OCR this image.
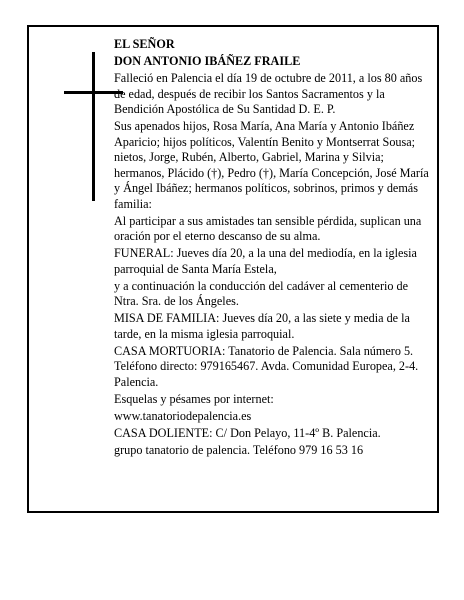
EL SEÑOR

DON ANTONIO IBÁÑEZ FRAILE

Falleció en Palencia el día 19 de octubre de 2011, a los 80 años de edad, después de recibir los Santos Sacramentos y la Bendición Apostólica de Su Santidad D. E. P.

Sus apenados hijos, Rosa María, Ana María y Antonio Ibáñez Aparicio; hijos políticos, Valentín Benito y Montserrat Sousa; nietos, Jorge, Rubén, Alberto, Gabriel, Marina y Silvia; hermanos, Plácido (†), Pedro (†), María Concepción, José María y Ángel Ibáñez; hermanos políticos, sobrinos, primos y demás familia:

Al participar a sus amistades tan sensible pérdida, suplican una oración por el eterno descanso de su alma.

FUNERAL: Jueves día 20, a la una del mediodía, en la iglesia parroquial de Santa María Estela,

y a continuación la conducción del cadáver al cementerio de Ntra. Sra. de los Ángeles.

MISA DE FAMILIA: Jueves día 20, a las siete y media de la tarde, en la misma iglesia parroquial.

CASA MORTUORIA: Tanatorio de Palencia. Sala número 5. Teléfono directo: 979165467. Avda. Comunidad Europea, 2-4. Palencia.

Esquelas y pésames por internet:

www.tanatoriodepalencia.es

CASA DOLIENTE: C/ Don Pelayo, 11-4º B. Palencia.

grupo tanatorio de palencia. Teléfono 979 16 53 16
